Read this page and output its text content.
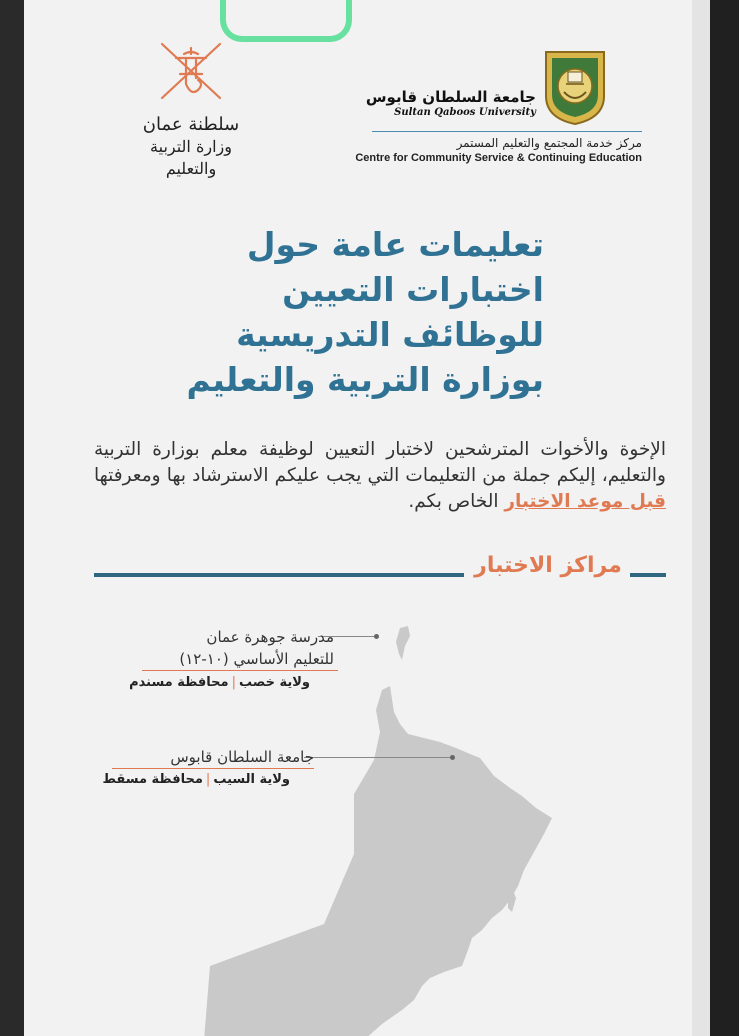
سلطنة عمان
وزارة التربية والتعليم
جامعة السلطان قابوس
Sultan Qaboos University
مركز خدمة المجتمع والتعليم المستمر
Centre for Community Service & Continuing Education
تعليمات عامة حول
اختبارات التعيين
للوظائف التدريسية
بوزارة التربية والتعليم
الإخوة والأخوات المترشحين لاختبار التعيين لوظيفة معلم بوزارة التربية والتعليم، إليكم جملة من التعليمات التي يجب عليكم الاسترشاد بها ومعرفتها قبل موعد الاختبار الخاص بكم.
مراكز الاختبار
مدرسة جوهرة عمان
للتعليم الأساسي (١٠-١٢)
ولاية خصب|محافظة مسندم
جامعة السلطان قابوس
ولاية السيب|محافظة مسقط
